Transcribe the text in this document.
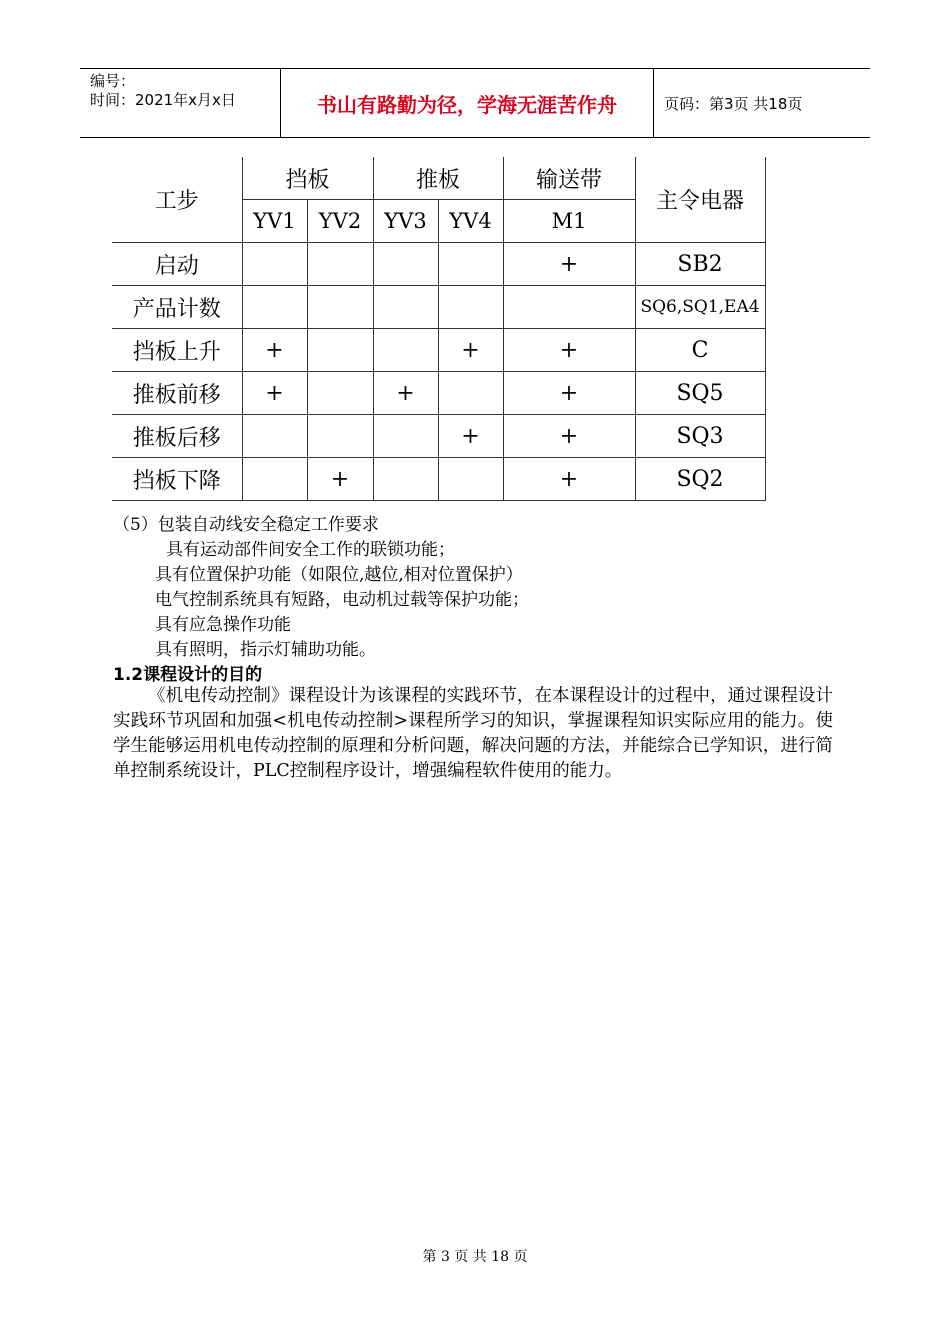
编号：
时间：2021年x月x日	书山有路勤为径，学海无涯苦作舟	页码：第3页 共18页
工步	挡板		推板		输送带	主令电器
	YV1	YV2	YV3	YV4	M1	
启动					+	SB2
产品计数						SQ6,SQ1,EA4
挡板上升	+			+	+	C
推板前移	+		+		+	SQ5
推板后移				+	+	SQ3
挡板下降		+			+	SQ2
（5）包装自动线安全稳定工作要求
具有运动部件间安全工作的联锁功能；
具有位置保护功能（如限位,越位,相对位置保护）
电气控制系统具有短路，电动机过载等保护功能；
具有应急操作功能
具有照明，指示灯辅助功能。
1.2课程设计的目的

《机电传动控制》课程设计为该课程的实践环节，在本课程设计的过程中，通过课程设计实践环节巩固和加强<机电传动控制>课程所学习的知识，掌握课程知识实际应用的能力。使学生能够运用机电传动控制的原理和分析问题，解决问题的方法，并能综合已学知识，进行简单控制系统设计，PLC控制程序设计，增强编程软件使用的能力。

第 3 页 共 18 页
